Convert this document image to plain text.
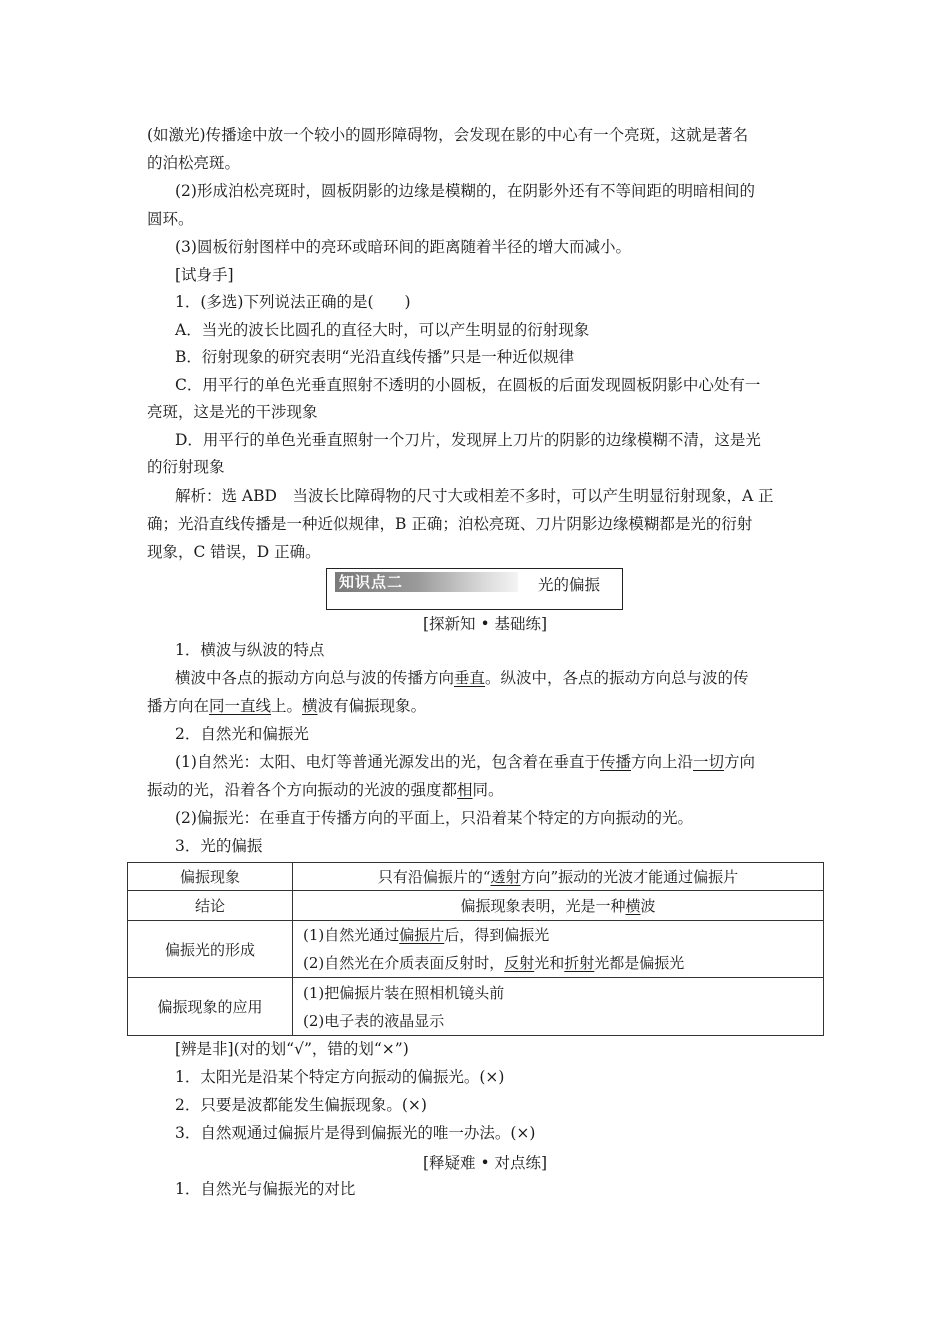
(如激光)传播途中放一个较小的圆形障碍物，会发现在影的中心有一个亮斑，这就是著名
的泊松亮斑。
(2)形成泊松亮斑时，圆板阴影的边缘是模糊的，在阴影外还有不等间距的明暗相间的
圆环。
(3)圆板衍射图样中的亮环或暗环间的距离随着半径的增大而减小。
[试身手]
1．(多选)下列说法正确的是(　　)
A．当光的波长比圆孔的直径大时，可以产生明显的衍射现象
B．衍射现象的研究表明“光沿直线传播”只是一种近似规律
C．用平行的单色光垂直照射不透明的小圆板，在圆板的后面发现圆板阴影中心处有一
亮斑，这是光的干涉现象
D．用平行的单色光垂直照射一个刀片，发现屏上刀片的阴影的边缘模糊不清，这是光
的衍射现象
解析：选 ABD　当波长比障碍物的尺寸大或相差不多时，可以产生明显衍射现象，A 正
确；光沿直线传播是一种近似规律，B 正确；泊松亮斑、刀片阴影边缘模糊都是光的衍射
现象，C 错误，D 正确。
知识点二	光的偏振
[探新知 • 基础练]
1．横波与纵波的特点
横波中各点的振动方向总与波的传播方向垂直。纵波中，各点的振动方向总与波的传
播方向在同一直线上。横波有偏振现象。
2．自然光和偏振光
(1)自然光：太阳、电灯等普通光源发出的光，包含着在垂直于传播方向上沿一切方向
振动的光，沿着各个方向振动的光波的强度都相同。
(2)偏振光：在垂直于传播方向的平面上，只沿着某个特定的方向振动的光。
3．光的偏振
偏振现象	只有沿偏振片的“透射方向”振动的光波才能通过偏振片
结论	偏振现象表明，光是一种横波
偏振光的形成	(1)自然光通过偏振片后，得到偏振光
(2)自然光在介质表面反射时，反射光和折射光都是偏振光

偏振现象的应用	(1)把偏振片装在照相机镜头前
(2)电子表的液晶显示
[辨是非](对的划“√”，错的划“×”)
1．太阳光是沿某个特定方向振动的偏振光。(×)
2．只要是波都能发生偏振现象。(×)
3．自然观通过偏振片是得到偏振光的唯一办法。(×)
[释疑难 • 对点练]
1．自然光与偏振光的对比
